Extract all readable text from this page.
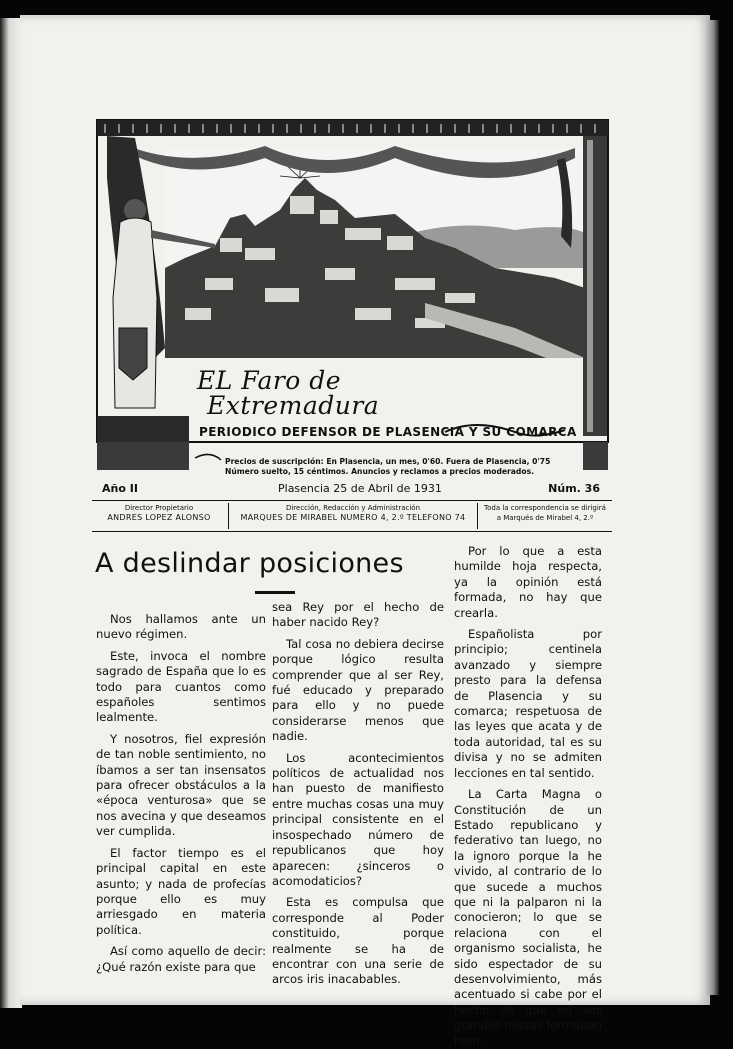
EL Faro de
Extremadura
PERIODICO DEFENSOR DE PLASENCIA Y SU COMARCA
Precios de suscripción: En Plasencia, un mes, 0'60. Fuera de Plasencia, 0'75
Número suelto, 15 céntimos. Anuncios y reclamos a precios moderados.
Año II	Plasencia 25 de Abril de 1931	Núm. 36
Director Propietario
ANDRES LOPEZ ALONSO
Dirección, Redacción y Administración
MARQUES DE MIRABEL NUMERO 4, 2.º TELEFONO 74
Toda la correspondencia se dirigirá
a Marqués de Mirabel 4, 2.º
A deslindar posiciones

Nos hallamos ante un nuevo régimen.

Este, invoca el nombre sagrado de España que lo es todo para cuantos como españoles sentimos lealmente.

Y nosotros, fiel expresión de tan noble sentimiento, no íbamos a ser tan insensatos para ofrecer obstáculos a la «época venturosa» que se nos avecina y que deseamos ver cumplida.

El factor tiempo es el principal capital en este asunto; y nada de profecías porque ello es muy arriesgado en materia política.

Así como aquello de decir: ¿Qué razón existe para que

sea Rey por el hecho de haber nacido Rey?

Tal cosa no debiera decirse porque lógico resulta comprender que al ser Rey, fué educado y preparado para ello y no puede considerarse menos que nadie.

Los acontecimientos políticos de actualidad nos han puesto de manifiesto entre muchas cosas una muy principal consistente en el insospechado número de republicanos que hoy aparecen: ¿sinceros o acomodaticios?

Esta es compulsa que corresponde al Poder constituido, porque realmente se ha de encontrar con una serie de arcos iris inacabables.

Por lo que a esta humilde hoja respecta, ya la opinión está formada, no hay que crearla.

Españolista por principio; centinela avanzado y siempre presto para la defensa de Plasencia y su comarca; respetuosa de las leyes que acata y de toda autoridad, tal es su divisa y no se admiten lecciones en tal sentido.

La Carta Magna o Constitución de un Estado republicano y federativo tan luego, no la ignoro porque la he vivido, al contrario de lo que sucede a muchos que ni la palparon ni la conocieron; lo que se relaciona con el organismo socialista, he sido espectador de su desenvolvimiento, más acentuado si cabe por el hecho de que en sus grandes masas formaban hom-
